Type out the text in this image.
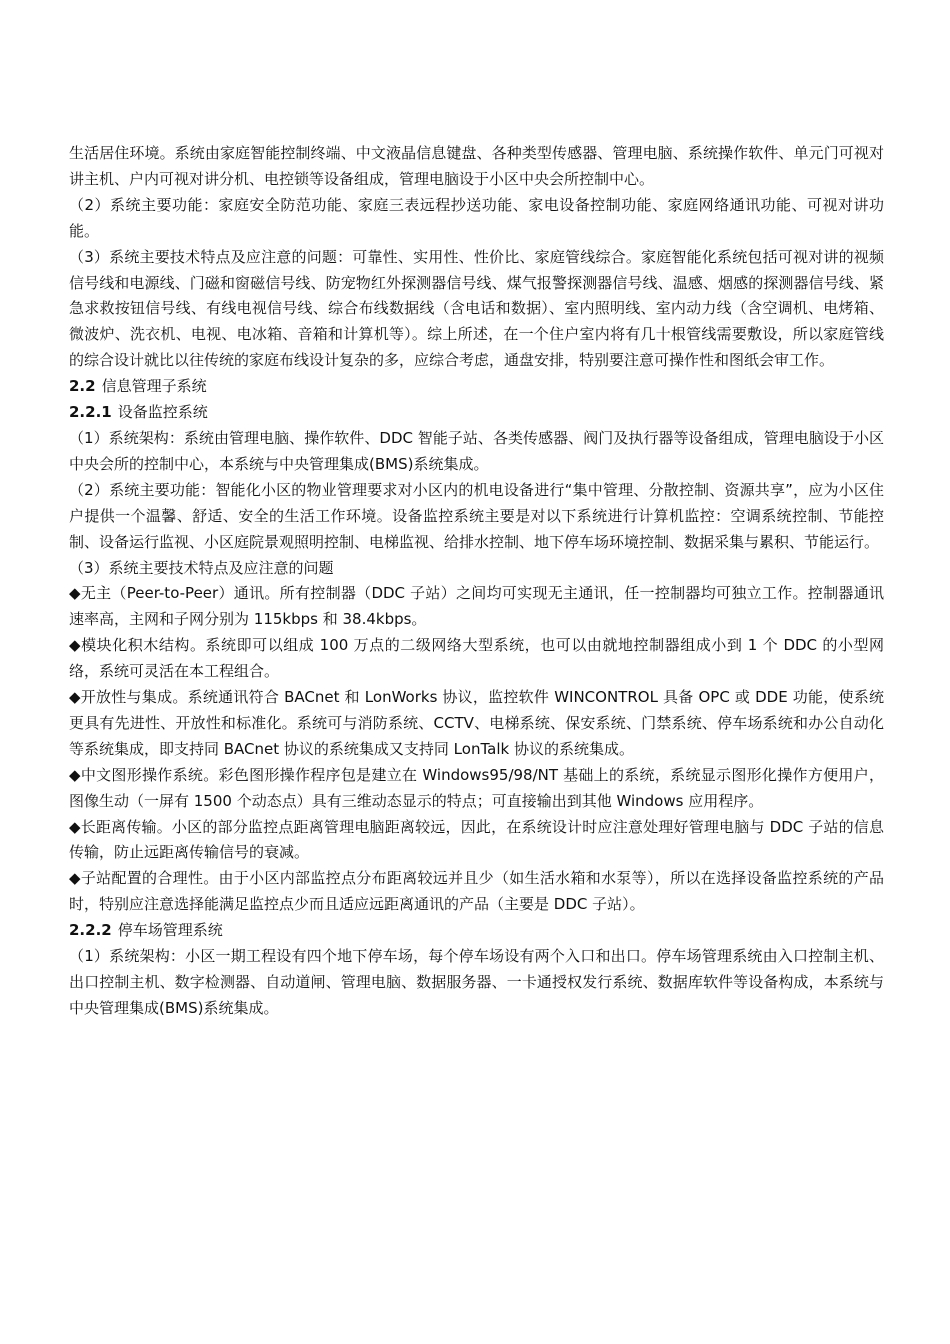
生活居住环境。系统由家庭智能控制终端、中文液晶信息键盘、各种类型传感器、管理电脑、系统操作软件、单元门可视对讲主机、户内可视对讲分机、电控锁等设备组成，管理电脑设于小区中央会所控制中心。

（2）系统主要功能：家庭安全防范功能、家庭三表远程抄送功能、家电设备控制功能、家庭网络通讯功能、可视对讲功能。

（3）系统主要技术特点及应注意的问题：可靠性、实用性、性价比、家庭管线综合。家庭智能化系统包括可视对讲的视频信号线和电源线、门磁和窗磁信号线、防宠物红外探测器信号线、煤气报警探测器信号线、温感、烟感的探测器信号线、紧急求救按钮信号线、有线电视信号线、综合布线数据线（含电话和数据）、室内照明线、室内动力线（含空调机、电烤箱、微波炉、洗衣机、电视、电冰箱、音箱和计算机等）。综上所述，在一个住户室内将有几十根管线需要敷设，所以家庭管线的综合设计就比以往传统的家庭布线设计复杂的多，应综合考虑，通盘安排，特别要注意可操作性和图纸会审工作。

2.2 信息管理子系统

2.2.1 设备监控系统

（1）系统架构：系统由管理电脑、操作软件、DDC 智能子站、各类传感器、阀门及执行器等设备组成，管理电脑设于小区中央会所的控制中心，本系统与中央管理集成(BMS)系统集成。

（2）系统主要功能：智能化小区的物业管理要求对小区内的机电设备进行“集中管理、分散控制、资源共享”，应为小区住户提供一个温馨、舒适、安全的生活工作环境。设备监控系统主要是对以下系统进行计算机监控：空调系统控制、节能控制、设备运行监视、小区庭院景观照明控制、电梯监视、给排水控制、地下停车场环境控制、数据采集与累积、节能运行。

（3）系统主要技术特点及应注意的问题

◆无主（Peer-to-Peer）通讯。所有控制器（DDC 子站）之间均可实现无主通讯，任一控制器均可独立工作。控制器通讯速率高，主网和子网分别为 115kbps 和 38.4kbps。

◆模块化积木结构。系统即可以组成 100 万点的二级网络大型系统，也可以由就地控制器组成小到 1 个 DDC 的小型网络，系统可灵活在本工程组合。

◆开放性与集成。系统通讯符合 BACnet 和 LonWorks 协议，监控软件 WINCONTROL 具备 OPC 或 DDE 功能，使系统更具有先进性、开放性和标准化。系统可与消防系统、CCTV、电梯系统、保安系统、门禁系统、停车场系统和办公自动化等系统集成，即支持同 BACnet 协议的系统集成又支持同 LonTalk 协议的系统集成。

◆中文图形操作系统。彩色图形操作程序包是建立在 Windows95/98/NT 基础上的系统，系统显示图形化操作方便用户，图像生动（一屏有 1500 个动态点）具有三维动态显示的特点；可直接输出到其他 Windows 应用程序。

◆长距离传输。小区的部分监控点距离管理电脑距离较远，因此，在系统设计时应注意处理好管理电脑与 DDC 子站的信息传输，防止远距离传输信号的衰减。

◆子站配置的合理性。由于小区内部监控点分布距离较远并且少（如生活水箱和水泵等），所以在选择设备监控系统的产品时，特别应注意选择能满足监控点少而且适应远距离通讯的产品（主要是 DDC 子站）。

2.2.2 停车场管理系统

（1）系统架构：小区一期工程设有四个地下停车场，每个停车场设有两个入口和出口。停车场管理系统由入口控制主机、出口控制主机、数字检测器、自动道闸、管理电脑、数据服务器、一卡通授权发行系统、数据库软件等设备构成，本系统与中央管理集成(BMS)系统集成。
